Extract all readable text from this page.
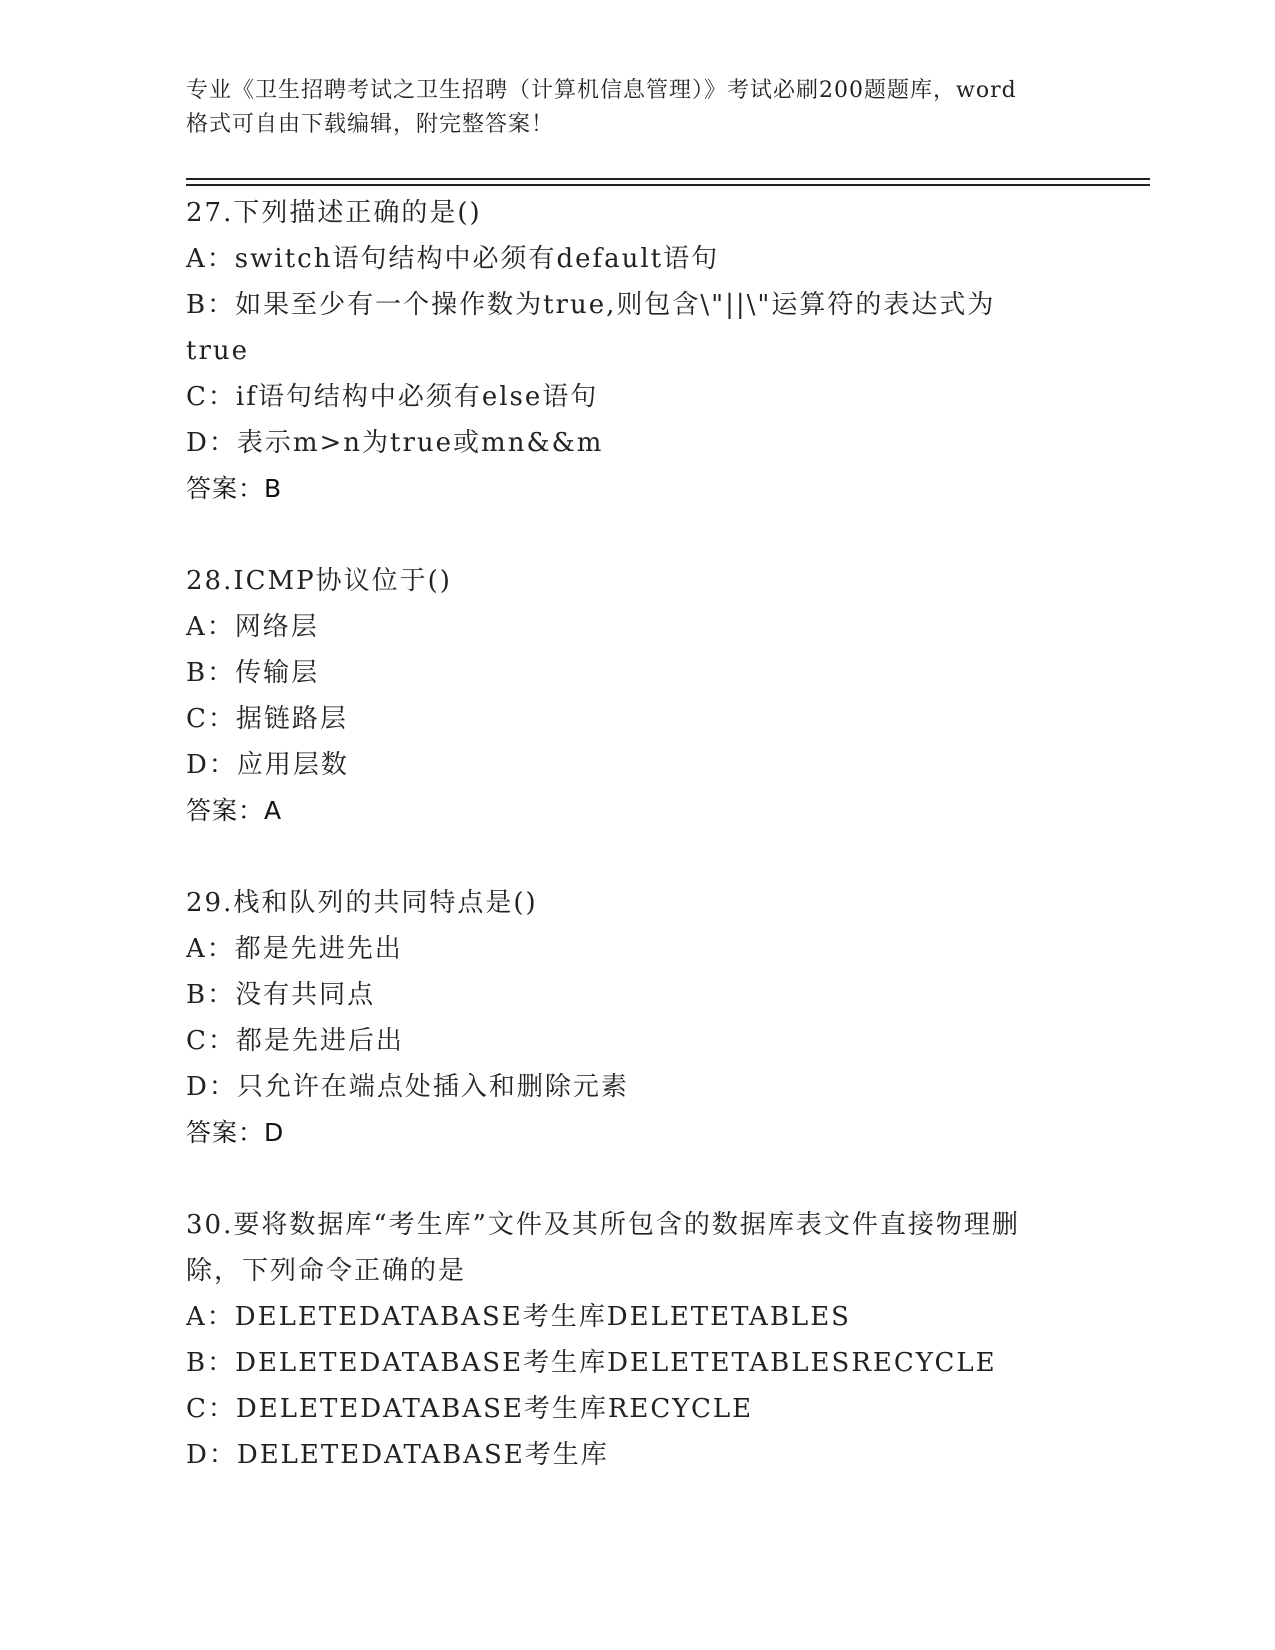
专业《卫生招聘考试之卫生招聘（计算机信息管理）》考试必刷200题题库，word
格式可自由下载编辑，附完整答案！
27.下列描述正确的是()
A：switch语句结构中必须有default语句
B：如果至少有一个操作数为true,则包含\"||\"运算符的表达式为
true
C：if语句结构中必须有else语句
D：表示m>n为true或mn&&m
答案：B
28.ICMP协议位于()
A：网络层
B：传输层
C：据链路层
D：应用层数
答案：A
29.栈和队列的共同特点是()
A：都是先进先出
B：没有共同点
C：都是先进后出
D：只允许在端点处插入和删除元素
答案：D
30.要将数据库“考生库”文件及其所包含的数据库表文件直接物理删
除，下列命令正确的是
A：DELETEDATABASE考生库DELETETABLES
B：DELETEDATABASE考生库DELETETABLESRECYCLE
C：DELETEDATABASE考生库RECYCLE
D：DELETEDATABASE考生库
